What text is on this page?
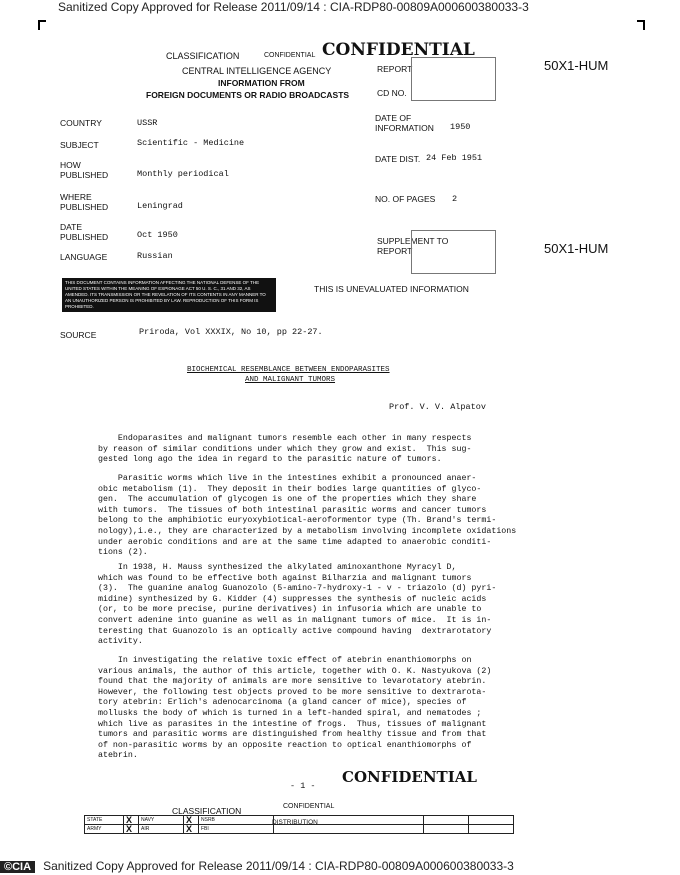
Sanitized Copy Approved for Release 2011/09/14 : CIA-RDP80-00809A000600380033-3
CLASSIFICATION	CONFIDENTIAL CONFIDENTIAL
CENTRAL INTELLIGENCE AGENCY
INFORMATION FROM
FOREIGN DOCUMENTS OR RADIO BROADCASTS
REPORT
CD NO.
50X1-HUM
COUNTRY	USSR
SUBJECT	Scientific - Medicine
HOW
PUBLISHED	Monthly periodical
WHERE
PUBLISHED	Leningrad
DATE
PUBLISHED	Oct 1950
LANGUAGE	Russian
DATE OF
INFORMATION 1950
DATE DIST. 24 Feb 1951
NO. OF PAGES 2
SUPPLEMENT TO
REPORT	50X1-HUM
THIS DOCUMENT CONTAINS INFORMATION AFFECTING THE NATIONAL DEFENSE OF THE UNITED STATES WITHIN THE MEANING OF ESPIONAGE ACT 50 U. S. C., 31 AND 32, AS AMENDED. ITS TRANSMISSION OR THE REVELATION OF ITS CONTENTS IN ANY MANNER TO AN UNAUTHORIZED PERSON IS PROHIBITED BY LAW. REPRODUCTION OF THIS FORM IS PROHIBITED.
THIS IS UNEVALUATED INFORMATION
SOURCE	Priroda, Vol XXXIX, No 10, pp 22-27.
BIOCHEMICAL RESEMBLANCE BETWEEN ENDOPARASITES
AND MALIGNANT TUMORS
Prof. V. V. Alpatov
Endoparasites and malignant tumors resemble each other in many respects
by reason of similar conditions under which they grow and exist.  This sug-
gested long ago the idea in regard to the parasitic nature of tumors.
Parasitic worms which live in the intestines exhibit a pronounced anaer-
obic metabolism (1).  They deposit in their bodies large quantities of glyco-
gen.  The accumulation of glycogen is one of the properties which they share
with tumors.  The tissues of both intestinal parasitic worms and cancer tumors
belong to the amphibiotic euryoxybiotical-aeroformentor type (Th. Brand's termi-
nology),i.e., they are characterized by a metabolism involving incomplete oxidations
under aerobic conditions and are at the same time adapted to anaerobic conditi-
tions (2).
In 1938, H. Mauss synthesized the alkylated aminoxanthone Myracyl D,
which was found to be effective both against Bilharzia and malignant tumors
(3).  The guanine analog Guanozolo (5-amino-7-hydroxy-1 - v - triazolo (d) pyri-
midine) synthesized by G. Kidder (4) suppresses the synthesis of nucleic acids
(or, to be more precise, purine derivatives) in infusoria which are unable to
convert adenine into guanine as well as in malignant tumors of mice.  It is in-
teresting that Guanozolo is an optically active compound having  dextrarotatory
activity.
In investigating the relative toxic effect of atebrin enanthiomorphs on
various animals, the author of this article, together with O. K. Nastyukova (2)
found that the majority of animals are more sensitive to levarotatory atebrin.
However, the following test objects proved to be more sensitive to dextrarota-
tory atebrin: Erlich's adenocarcinoma (a gland cancer of mice), species of
mollusks the body of which is turned in a left-handed spiral, and nematodes ;
which live as parasites in the intestine of frogs.  Thus, tissues of malignant
tumors and parasitic worms are distinguished from healthy tissue and from that
of non-parasitic worms by an opposite reaction to optical enanthiomorphs of
atebrin.
- 1 - CONFIDENTIAL
CLASSIFICATION	CONFIDENTIAL
DISTRIBUTION
STATE	X	NAVY	X	NSRB			
ARMY	X	AIR	X	FBI			
©CIA Sanitized Copy Approved for Release 2011/09/14 : CIA-RDP80-00809A000600380033-3
